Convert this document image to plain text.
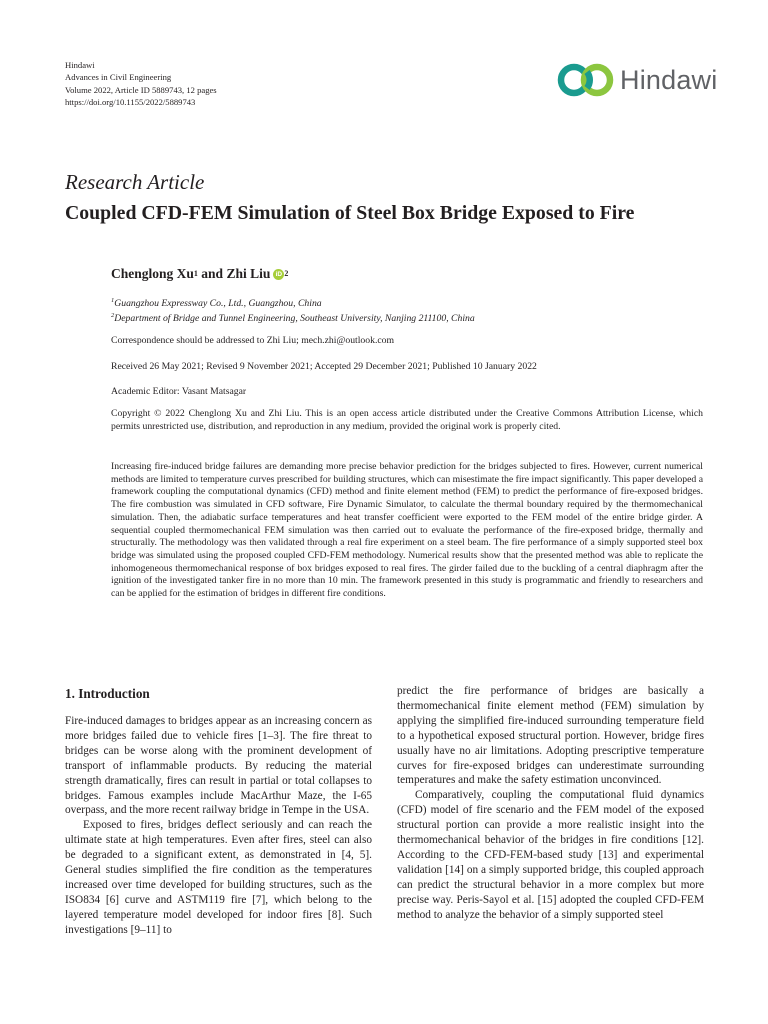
Hindawi
Advances in Civil Engineering
Volume 2022, Article ID 5889743, 12 pages
https://doi.org/10.1155/2022/5889743
Hindawi
Research Article
Coupled CFD-FEM Simulation of Steel Box Bridge Exposed to Fire
Chenglong Xu$^1$ and Zhi Liu iD $^2$
$^1$Guangzhou Expressway Co., Ltd., Guangzhou, China
$^2$Department of Bridge and Tunnel Engineering, Southeast University, Nanjing 211100, China
Correspondence should be addressed to Zhi Liu; mech.zhi@outlook.com
Received 26 May 2021; Revised 9 November 2021; Accepted 29 December 2021; Published 10 January 2022
Academic Editor: Vasant Matsagar
Copyright © 2022 Chenglong Xu and Zhi Liu. This is an open access article distributed under the Creative Commons Attribution License, which permits unrestricted use, distribution, and reproduction in any medium, provided the original work is properly cited.
Increasing fire-induced bridge failures are demanding more precise behavior prediction for the bridges subjected to fires. However, current numerical methods are limited to temperature curves prescribed for building structures, which can misestimate the fire impact significantly. This paper developed a framework coupling the computational dynamics (CFD) method and finite element method (FEM) to predict the performance of fire-exposed bridges. The fire combustion was simulated in CFD software, Fire Dynamic Simulator, to calculate the thermal boundary required by the thermomechanical simulation. Then, the adiabatic surface temperatures and heat transfer coefficient were exported to the FEM model of the entire bridge girder. A sequential coupled thermomechanical FEM simulation was then carried out to evaluate the performance of the fire-exposed bridge, thermally and structurally. The methodology was then validated through a real fire experiment on a steel beam. The fire performance of a simply supported steel box bridge was simulated using the proposed coupled CFD-FEM methodology. Numerical results show that the presented method was able to replicate the inhomogeneous thermomechanical response of box bridges exposed to real fires. The girder failed due to the buckling of a central diaphragm after the ignition of the investigated tanker fire in no more than 10 min. The framework presented in this study is programmatic and friendly to researchers and can be applied for the estimation of bridges in different fire conditions.
1. Introduction

Fire-induced damages to bridges appear as an increasing concern as more bridges failed due to vehicle fires [1–3]. The fire threat to bridges can be worse along with the prominent development of transport of inflammable products. By reducing the material strength dramatically, fires can result in partial or total collapses to bridges. Famous examples include MacArthur Maze, the I-65 overpass, and the more recent railway bridge in Tempe in the USA.

Exposed to fires, bridges deflect seriously and can reach the ultimate state at high temperatures. Even after fires, steel can also be degraded to a significant extent, as demonstrated in [4, 5]. General studies simplified the fire condition as the temperatures increased over time developed for building structures, such as the ISO834 [6] curve and ASTM119 fire [7], which belong to the layered temperature model developed for indoor fires [8]. Such investigations [9–11] to

predict the fire performance of bridges are basically a thermomechanical finite element method (FEM) simulation by applying the simplified fire-induced surrounding temperature field to a hypothetical exposed structural portion. However, bridge fires usually have no air limitations. Adopting prescriptive temperature curves for fire-exposed bridges can underestimate surrounding temperatures and make the safety estimation unconvinced.

Comparatively, coupling the computational fluid dynamics (CFD) model of fire scenario and the FEM model of the exposed structural portion can provide a more realistic insight into the thermomechanical behavior of the bridges in fire conditions [12]. According to the CFD-FEM-based study [13] and experimental validation [14] on a simply supported bridge, this coupled approach can predict the structural behavior in a more complex but more precise way. Peris-Sayol et al. [15] adopted the coupled CFD-FEM method to analyze the behavior of a simply supported steel
